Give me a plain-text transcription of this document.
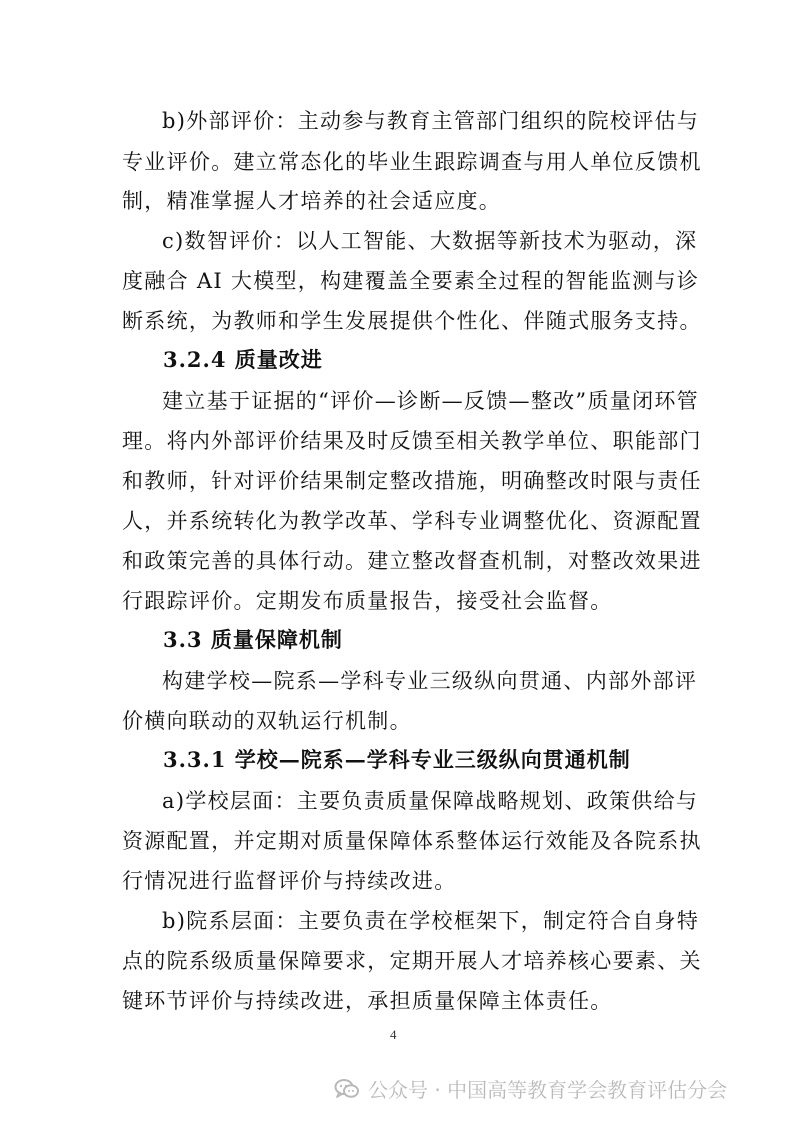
b)外部评价：主动参与教育主管部门组织的院校评估与
专业评价。建立常态化的毕业生跟踪调查与用人单位反馈机
制，精准掌握人才培养的社会适应度。
c)数智评价：以人工智能、大数据等新技术为驱动，深
度融合 AI 大模型，构建覆盖全要素全过程的智能监测与诊
断系统，为教师和学生发展提供个性化、伴随式服务支持。
3.2.4 质量改进
建立基于证据的“评价—诊断—反馈—整改”质量闭环管
理。将内外部评价结果及时反馈至相关教学单位、职能部门
和教师，针对评价结果制定整改措施，明确整改时限与责任
人，并系统转化为教学改革、学科专业调整优化、资源配置
和政策完善的具体行动。建立整改督查机制，对整改效果进
行跟踪评价。定期发布质量报告，接受社会监督。
3.3 质量保障机制
构建学校—院系—学科专业三级纵向贯通、内部外部评
价横向联动的双轨运行机制。
3.3.1 学校—院系—学科专业三级纵向贯通机制
a)学校层面：主要负责质量保障战略规划、政策供给与
资源配置，并定期对质量保障体系整体运行效能及各院系执
行情况进行监督评价与持续改进。
b)院系层面：主要负责在学校框架下，制定符合自身特
点的院系级质量保障要求，定期开展人才培养核心要素、关
键环节评价与持续改进，承担质量保障主体责任。
4
公众号 · 中国高等教育学会教育评估分会
